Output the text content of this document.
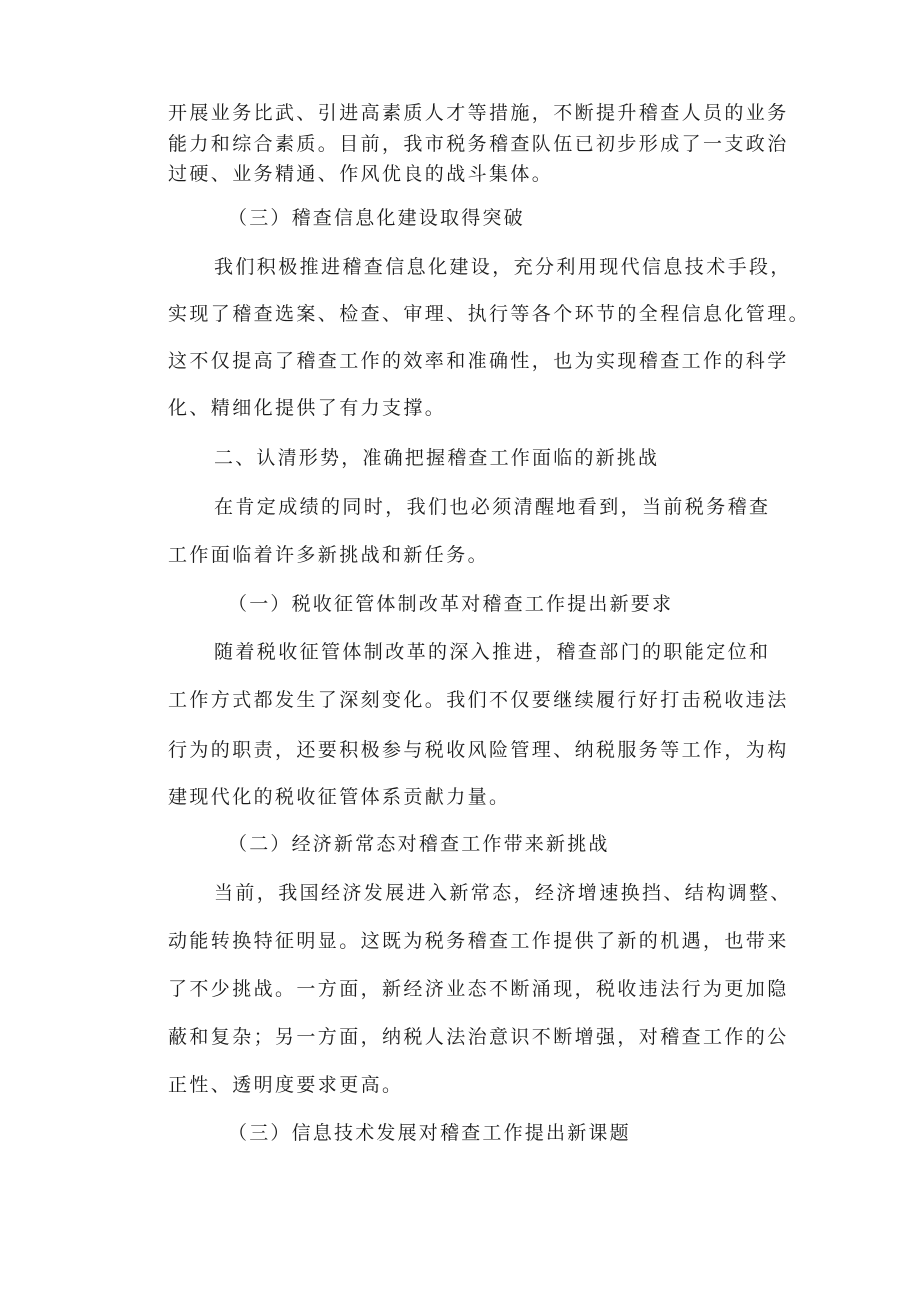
开展业务比武、引进高素质人才等措施，不断提升稽查人员的业务
能力和综合素质。目前，我市税务稽查队伍已初步形成了一支政治
过硬、业务精通、作风优良的战斗集体。
（三）稽查信息化建设取得突破
我们积极推进稽查信息化建设，充分利用现代信息技术手段，
实现了稽查选案、检查、审理、执行等各个环节的全程信息化管理。
这不仅提高了稽查工作的效率和准确性，也为实现稽查工作的科学
化、精细化提供了有力支撑。
二、认清形势，准确把握稽查工作面临的新挑战
在肯定成绩的同时，我们也必须清醒地看到，当前税务稽查
工作面临着许多新挑战和新任务。
（一）税收征管体制改革对稽查工作提出新要求
随着税收征管体制改革的深入推进，稽查部门的职能定位和
工作方式都发生了深刻变化。我们不仅要继续履行好打击税收违法
行为的职责，还要积极参与税收风险管理、纳税服务等工作，为构
建现代化的税收征管体系贡献力量。
（二）经济新常态对稽查工作带来新挑战
当前，我国经济发展进入新常态，经济增速换挡、结构调整、
动能转换特征明显。这既为税务稽查工作提供了新的机遇，也带来
了不少挑战。一方面，新经济业态不断涌现，税收违法行为更加隐
蔽和复杂；另一方面，纳税人法治意识不断增强，对稽查工作的公
正性、透明度要求更高。
（三）信息技术发展对稽查工作提出新课题
